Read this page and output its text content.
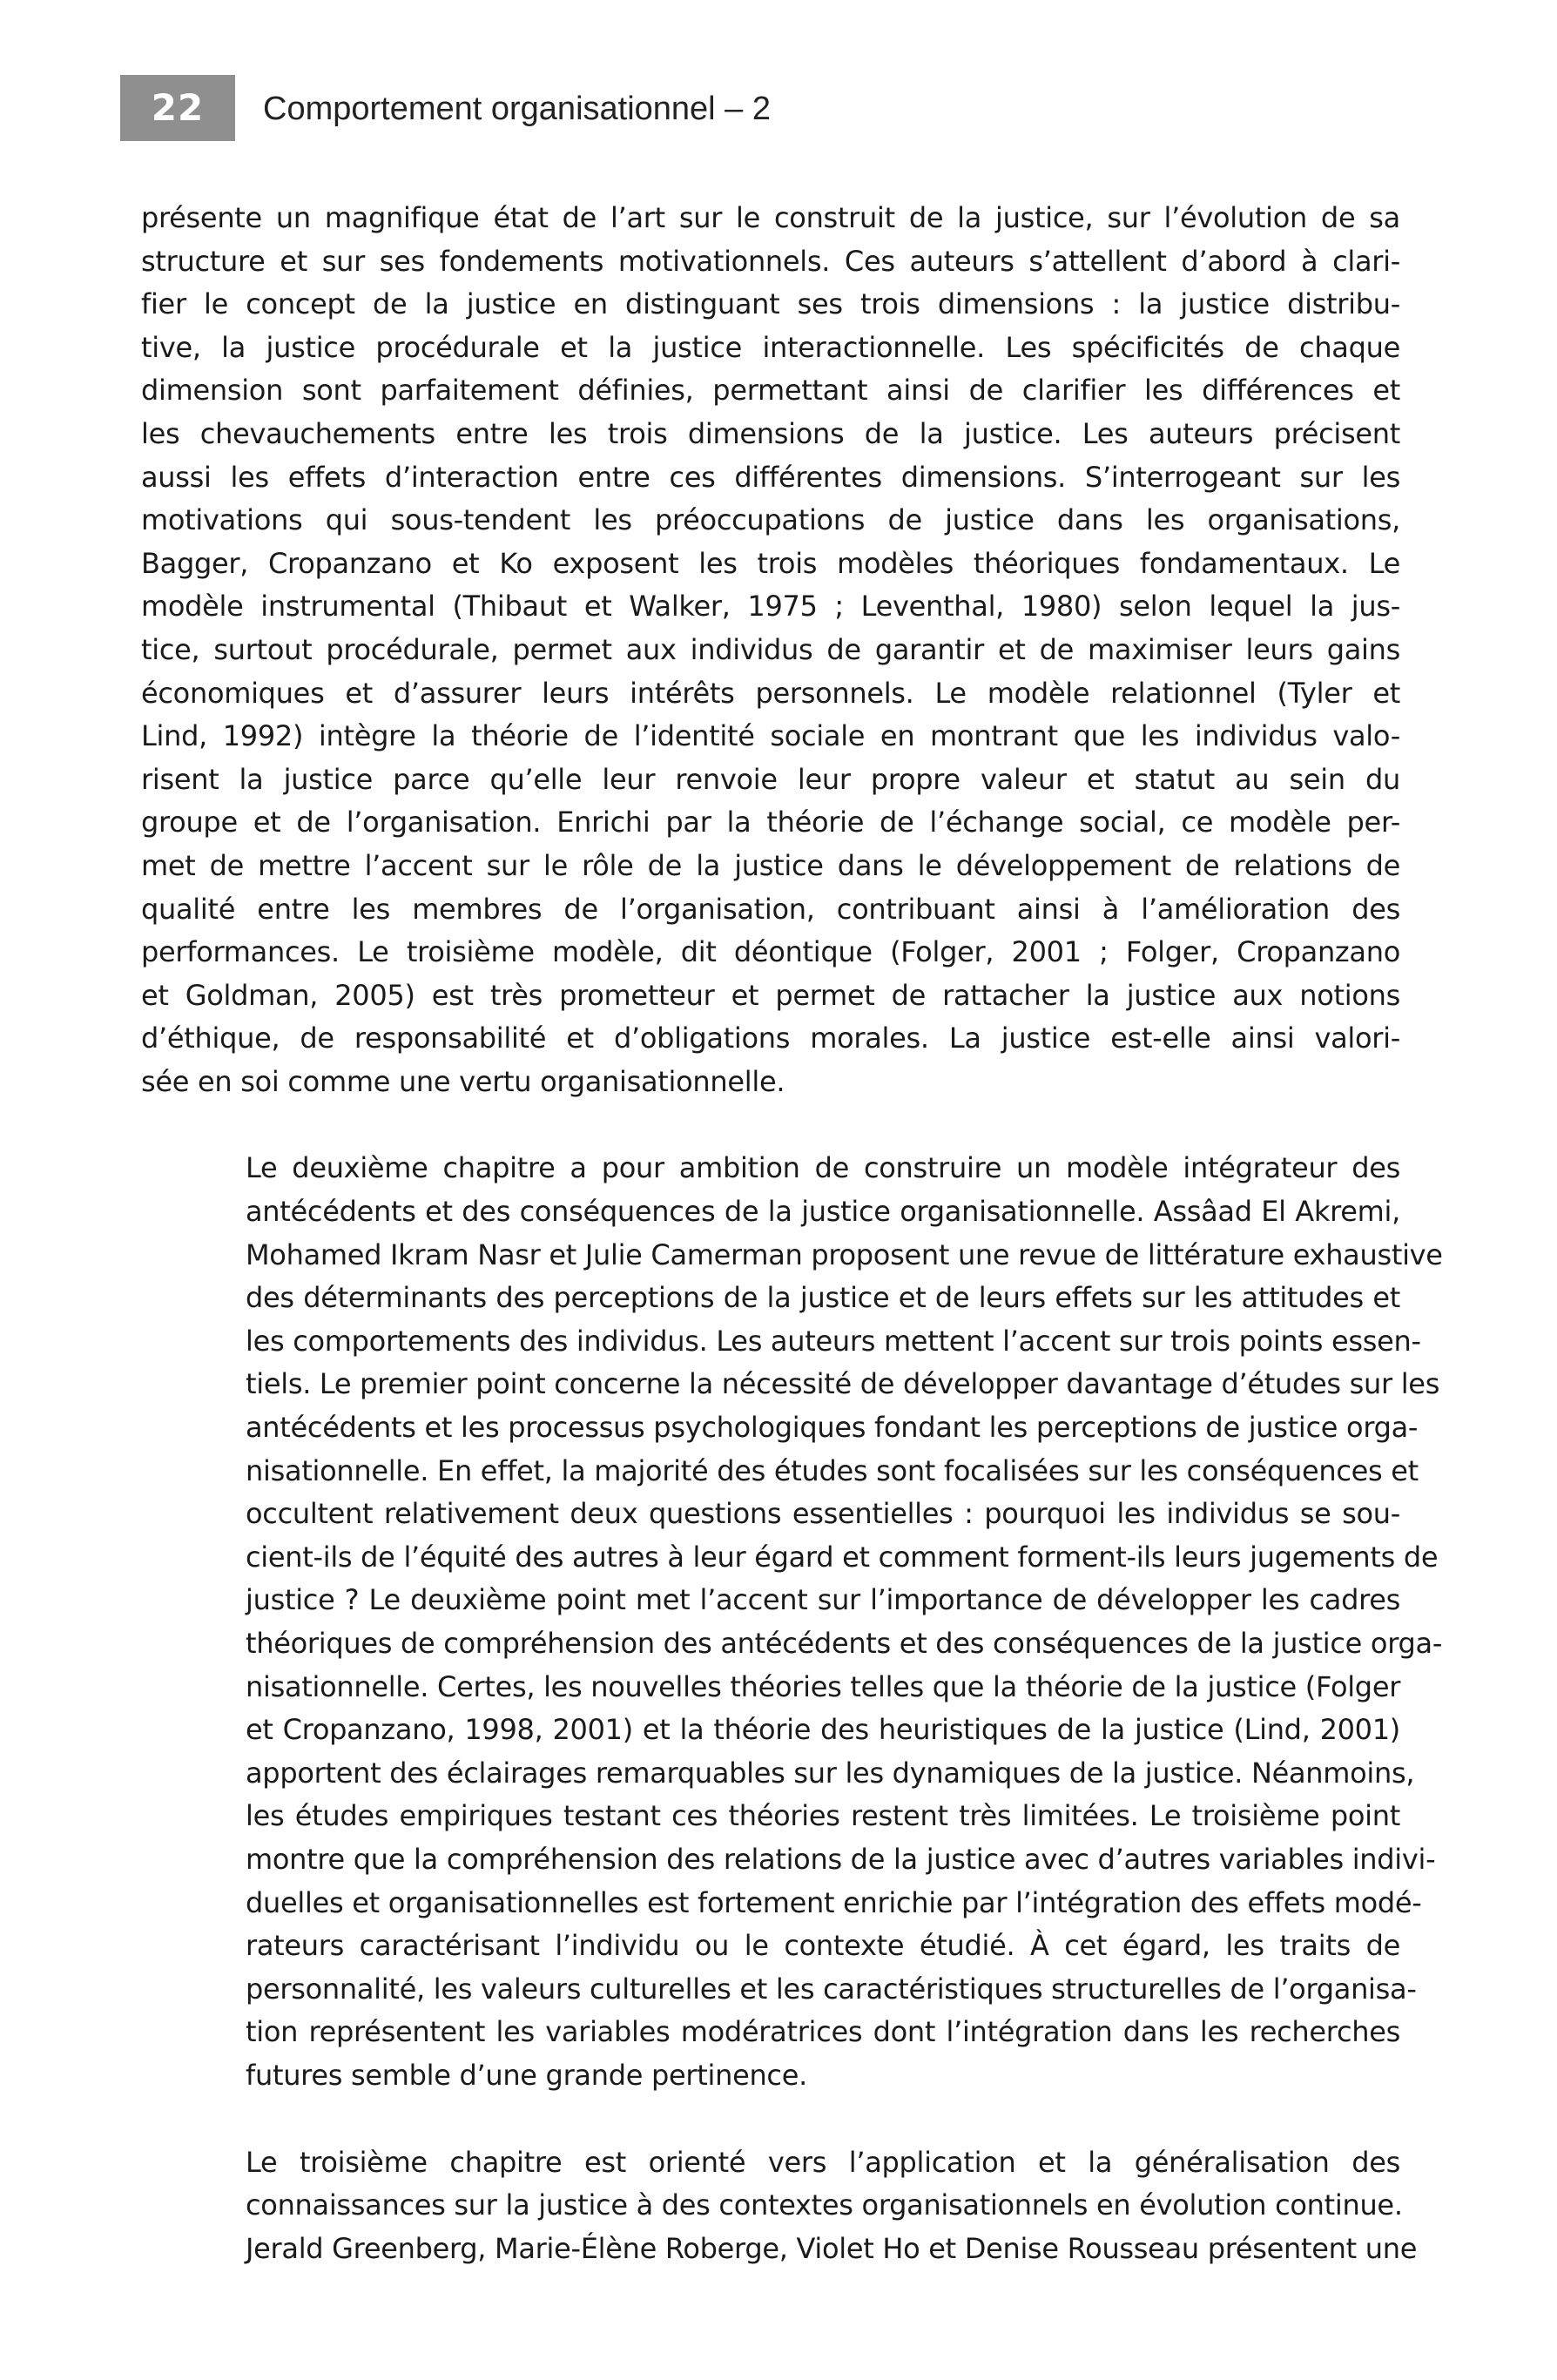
22	Comportement organisationnel – 2
présente un magnifique état de l’art sur le construit de la justice, sur l’évolution de sa
structure et sur ses fondements motivationnels. Ces auteurs s’attellent d’abord à clari-
fier le concept de la justice en distinguant ses trois dimensions : la justice distribu-
tive, la justice procédurale et la justice interactionnelle. Les spécificités de chaque
dimension sont parfaitement définies, permettant ainsi de clarifier les différences et
les chevauchements entre les trois dimensions de la justice. Les auteurs précisent
aussi les effets d’interaction entre ces différentes dimensions. S’interrogeant sur les
motivations qui sous-tendent les préoccupations de justice dans les organisations,
Bagger, Cropanzano et Ko exposent les trois modèles théoriques fondamentaux. Le
modèle instrumental (Thibaut et Walker, 1975 ; Leventhal, 1980) selon lequel la jus-
tice, surtout procédurale, permet aux individus de garantir et de maximiser leurs gains
économiques et d’assurer leurs intérêts personnels. Le modèle relationnel (Tyler et
Lind, 1992) intègre la théorie de l’identité sociale en montrant que les individus valo-
risent la justice parce qu’elle leur renvoie leur propre valeur et statut au sein du
groupe et de l’organisation. Enrichi par la théorie de l’échange social, ce modèle per-
met de mettre l’accent sur le rôle de la justice dans le développement de relations de
qualité entre les membres de l’organisation, contribuant ainsi à l’amélioration des
performances. Le troisième modèle, dit déontique (Folger, 2001 ; Folger, Cropanzano
et Goldman, 2005) est très prometteur et permet de rattacher la justice aux notions
d’éthique, de responsabilité et d’obligations morales. La justice est-elle ainsi valori-
sée en soi comme une vertu organisationnelle.
Le deuxième chapitre a pour ambition de construire un modèle intégrateur des
antécédents et des conséquences de la justice organisationnelle. Assâad El Akremi,
Mohamed Ikram Nasr et Julie Camerman proposent une revue de littérature exhaustive
des déterminants des perceptions de la justice et de leurs effets sur les attitudes et
les comportements des individus. Les auteurs mettent l’accent sur trois points essen-
tiels. Le premier point concerne la nécessité de développer davantage d’études sur les
antécédents et les processus psychologiques fondant les perceptions de justice orga-
nisationnelle. En effet, la majorité des études sont focalisées sur les conséquences et
occultent relativement deux questions essentielles : pourquoi les individus se sou-
cient-ils de l’équité des autres à leur égard et comment forment-ils leurs jugements de
justice ? Le deuxième point met l’accent sur l’importance de développer les cadres
théoriques de compréhension des antécédents et des conséquences de la justice orga-
nisationnelle. Certes, les nouvelles théories telles que la théorie de la justice (Folger
et Cropanzano, 1998, 2001) et la théorie des heuristiques de la justice (Lind, 2001)
apportent des éclairages remarquables sur les dynamiques de la justice. Néanmoins,
les études empiriques testant ces théories restent très limitées. Le troisième point
montre que la compréhension des relations de la justice avec d’autres variables indivi-
duelles et organisationnelles est fortement enrichie par l’intégration des effets modé-
rateurs caractérisant l’individu ou le contexte étudié. À cet égard, les traits de
personnalité, les valeurs culturelles et les caractéristiques structurelles de l’organisa-
tion représentent les variables modératrices dont l’intégration dans les recherches
futures semble d’une grande pertinence.
Le troisième chapitre est orienté vers l’application et la généralisation des
connaissances sur la justice à des contextes organisationnels en évolution continue.
Jerald Greenberg, Marie-Élène Roberge, Violet Ho et Denise Rousseau présentent une
